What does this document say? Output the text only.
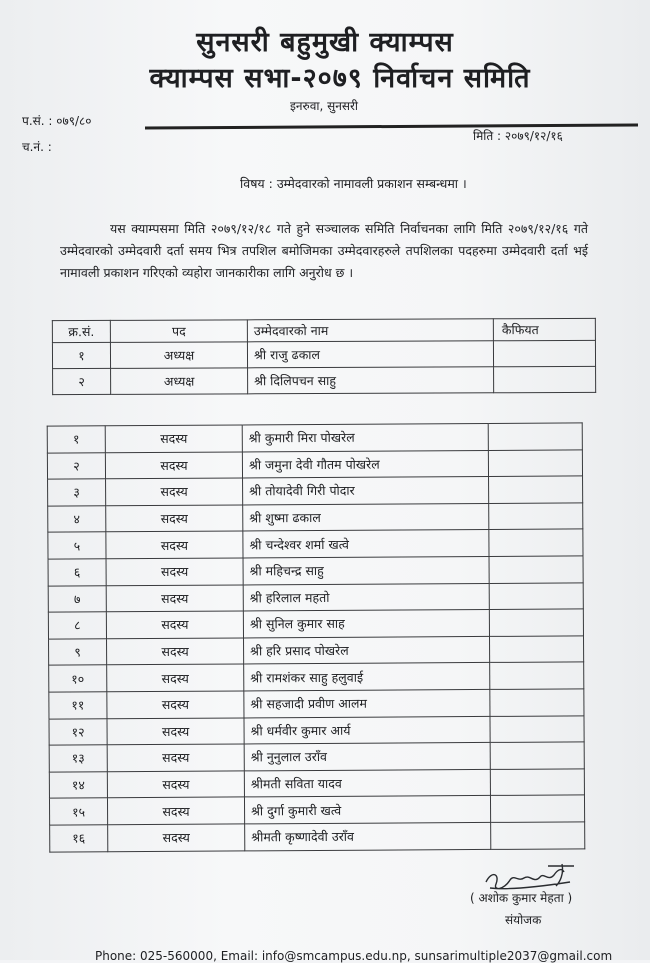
सुनसरी बहुमुखी क्याम्पस
क्याम्पस सभा-२०७९ निर्वाचन समिति
इनरुवा, सुनसरी
प.सं. : ०७९/८०
मिति : २०७९/१२/१६
च.नं. :
विषय : उम्मेदवारको नामावली प्रकाशन सम्बन्धमा ।
यस क्याम्पसमा मिति २०७९/१२/१८ गते हुने सञ्चालक समिति निर्वाचनका लागि मिति २०७९/१२/१६ गते उम्मेदवारको उम्मेदवारी दर्ता समय भित्र तपशिल बमोजिमका उम्मेदवारहरुले तपशिलका पदहरुमा उम्मेदवारी दर्ता भई नामावली प्रकाशन गरिएको व्यहोरा जानकारीका लागि अनुरोध छ ।
क्र.सं.	पद	उम्मेदवारको नाम	कैफियत
१	अध्यक्ष	श्री राजु ढकाल	
२	अध्यक्ष	श्री दिलिपचन साहु	
१	सदस्य	श्री कुमारी मिरा पोखरेल	
२	सदस्य	श्री जमुना देवी गौतम पोखरेल	
३	सदस्य	श्री तोयादेवी गिरी पोदार	
४	सदस्य	श्री शुष्मा ढकाल	
५	सदस्य	श्री चन्देश्वर शर्मा खत्वे	
६	सदस्य	श्री महिचन्द्र साहु	
७	सदस्य	श्री हरिलाल महतो	
८	सदस्य	श्री सुनिल कुमार साह	
९	सदस्य	श्री हरि प्रसाद पोखरेल	
१०	सदस्य	श्री रामशंकर साहु हलुवाई	
११	सदस्य	श्री सहजादी प्रवीण आलम	
१२	सदस्य	श्री धर्मवीर कुमार आर्य	
१३	सदस्य	श्री नुनुलाल उराँव	
१४	सदस्य	श्रीमती सविता यादव	
१५	सदस्य	श्री दुर्गा कुमारी खत्वे	
१६	सदस्य	श्रीमती कृष्णादेवी उराँव	
( अशोक कुमार मेहता )
संयोजक
Phone: 025-560000, Email: info@smcampus.edu.np, sunsarimultiple2037@gmail.com
